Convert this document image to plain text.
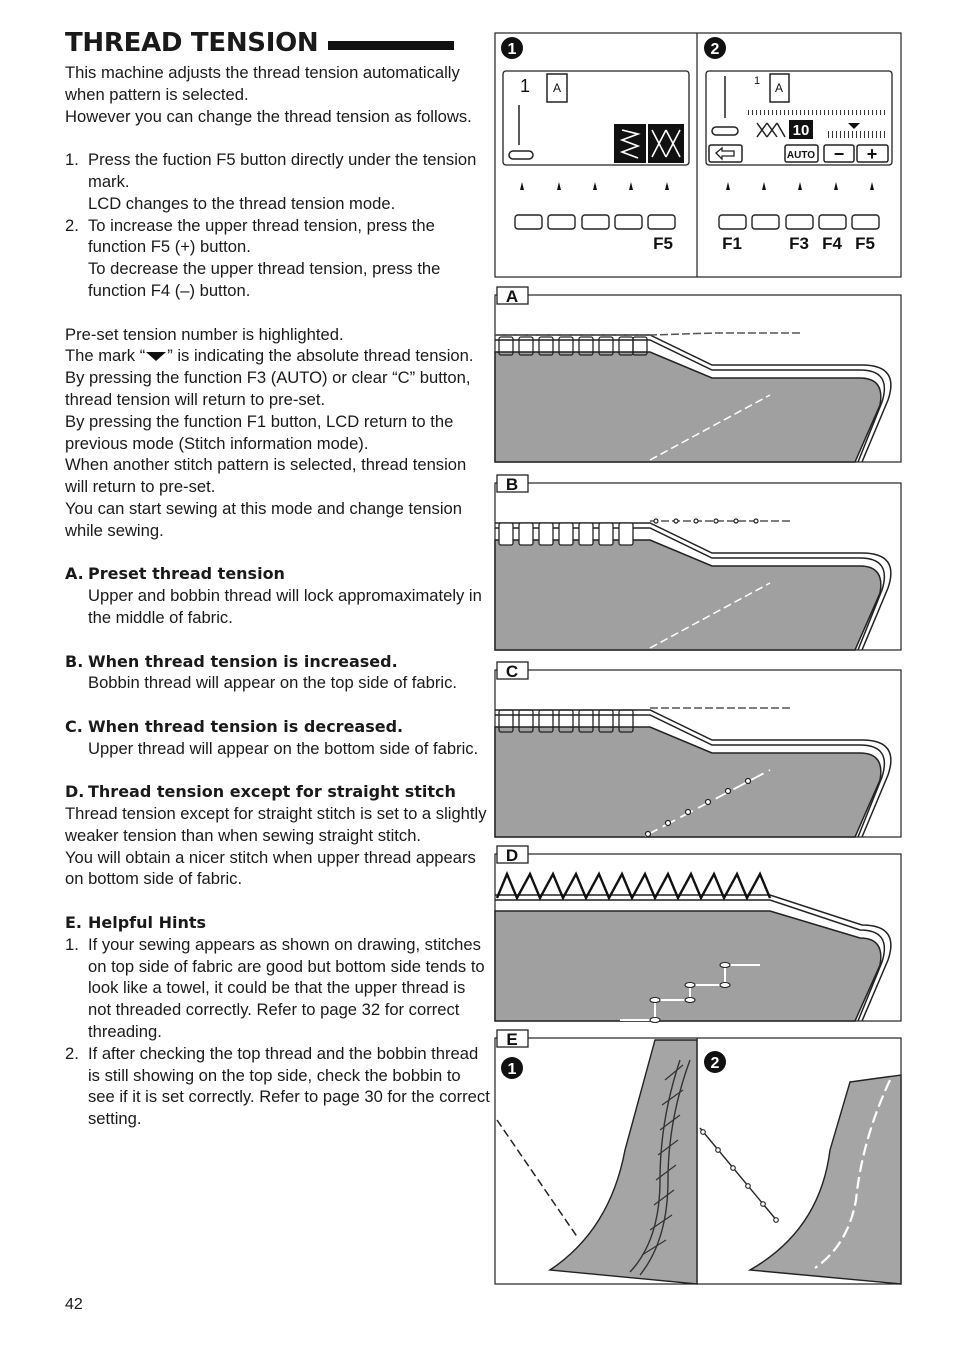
THREAD TENSION

This machine adjusts the thread tension automatically when pattern is selected.

However you can change the thread tension as follows.

1. Press the fuction F5 button directly under the tension mark.

LCD changes to the thread tension mode.

2. To increase the upper thread tension, press the function F5 (+) button.

To decrease the upper thread tension, press the function F4 (–) button.

Pre-set tension number is highlighted.

The mark “ ” is indicating the absolute thread tension.

By pressing the function F3 (AUTO) or clear “C” button, thread tension will return to pre-set.

By pressing the function F1 button, LCD return to the previous mode (Stitch information mode).

When another stitch pattern is selected, thread tension will return to pre-set.

You can start sewing at this mode and change tension while sewing.

A. Preset thread tension

Upper and bobbin thread will lock appromaximately in the middle of fabric.

B. When thread tension is increased.

Bobbin thread will appear on the top side of fabric.

C. When thread tension is decreased.

Upper thread will appear on the bottom side of fabric.

D. Thread tension except for straight stitch

Thread tension except for straight stitch is set to a slightly weaker tension than when sewing straight stitch.

You will obtain a nicer stitch when upper thread appears on bottom side of fabric.

E. Helpful Hints
1. If your sewing appears as shown on drawing, stitches on top side of fabric are good but bottom side tends to look like a towel, it could be that the upper thread is not threaded correctly. Refer to page 32 for correct threading.

2. If after checking the top thread and the bobbin thread is still showing on the top side, check the bobbin to see if it is set correctly. Refer to page 30 for the correct setting.

42
1
1 A
F5
2
1 A
10
AUTO − +
F1	F3 F4 F5
A
B
C
D
1	2
E
